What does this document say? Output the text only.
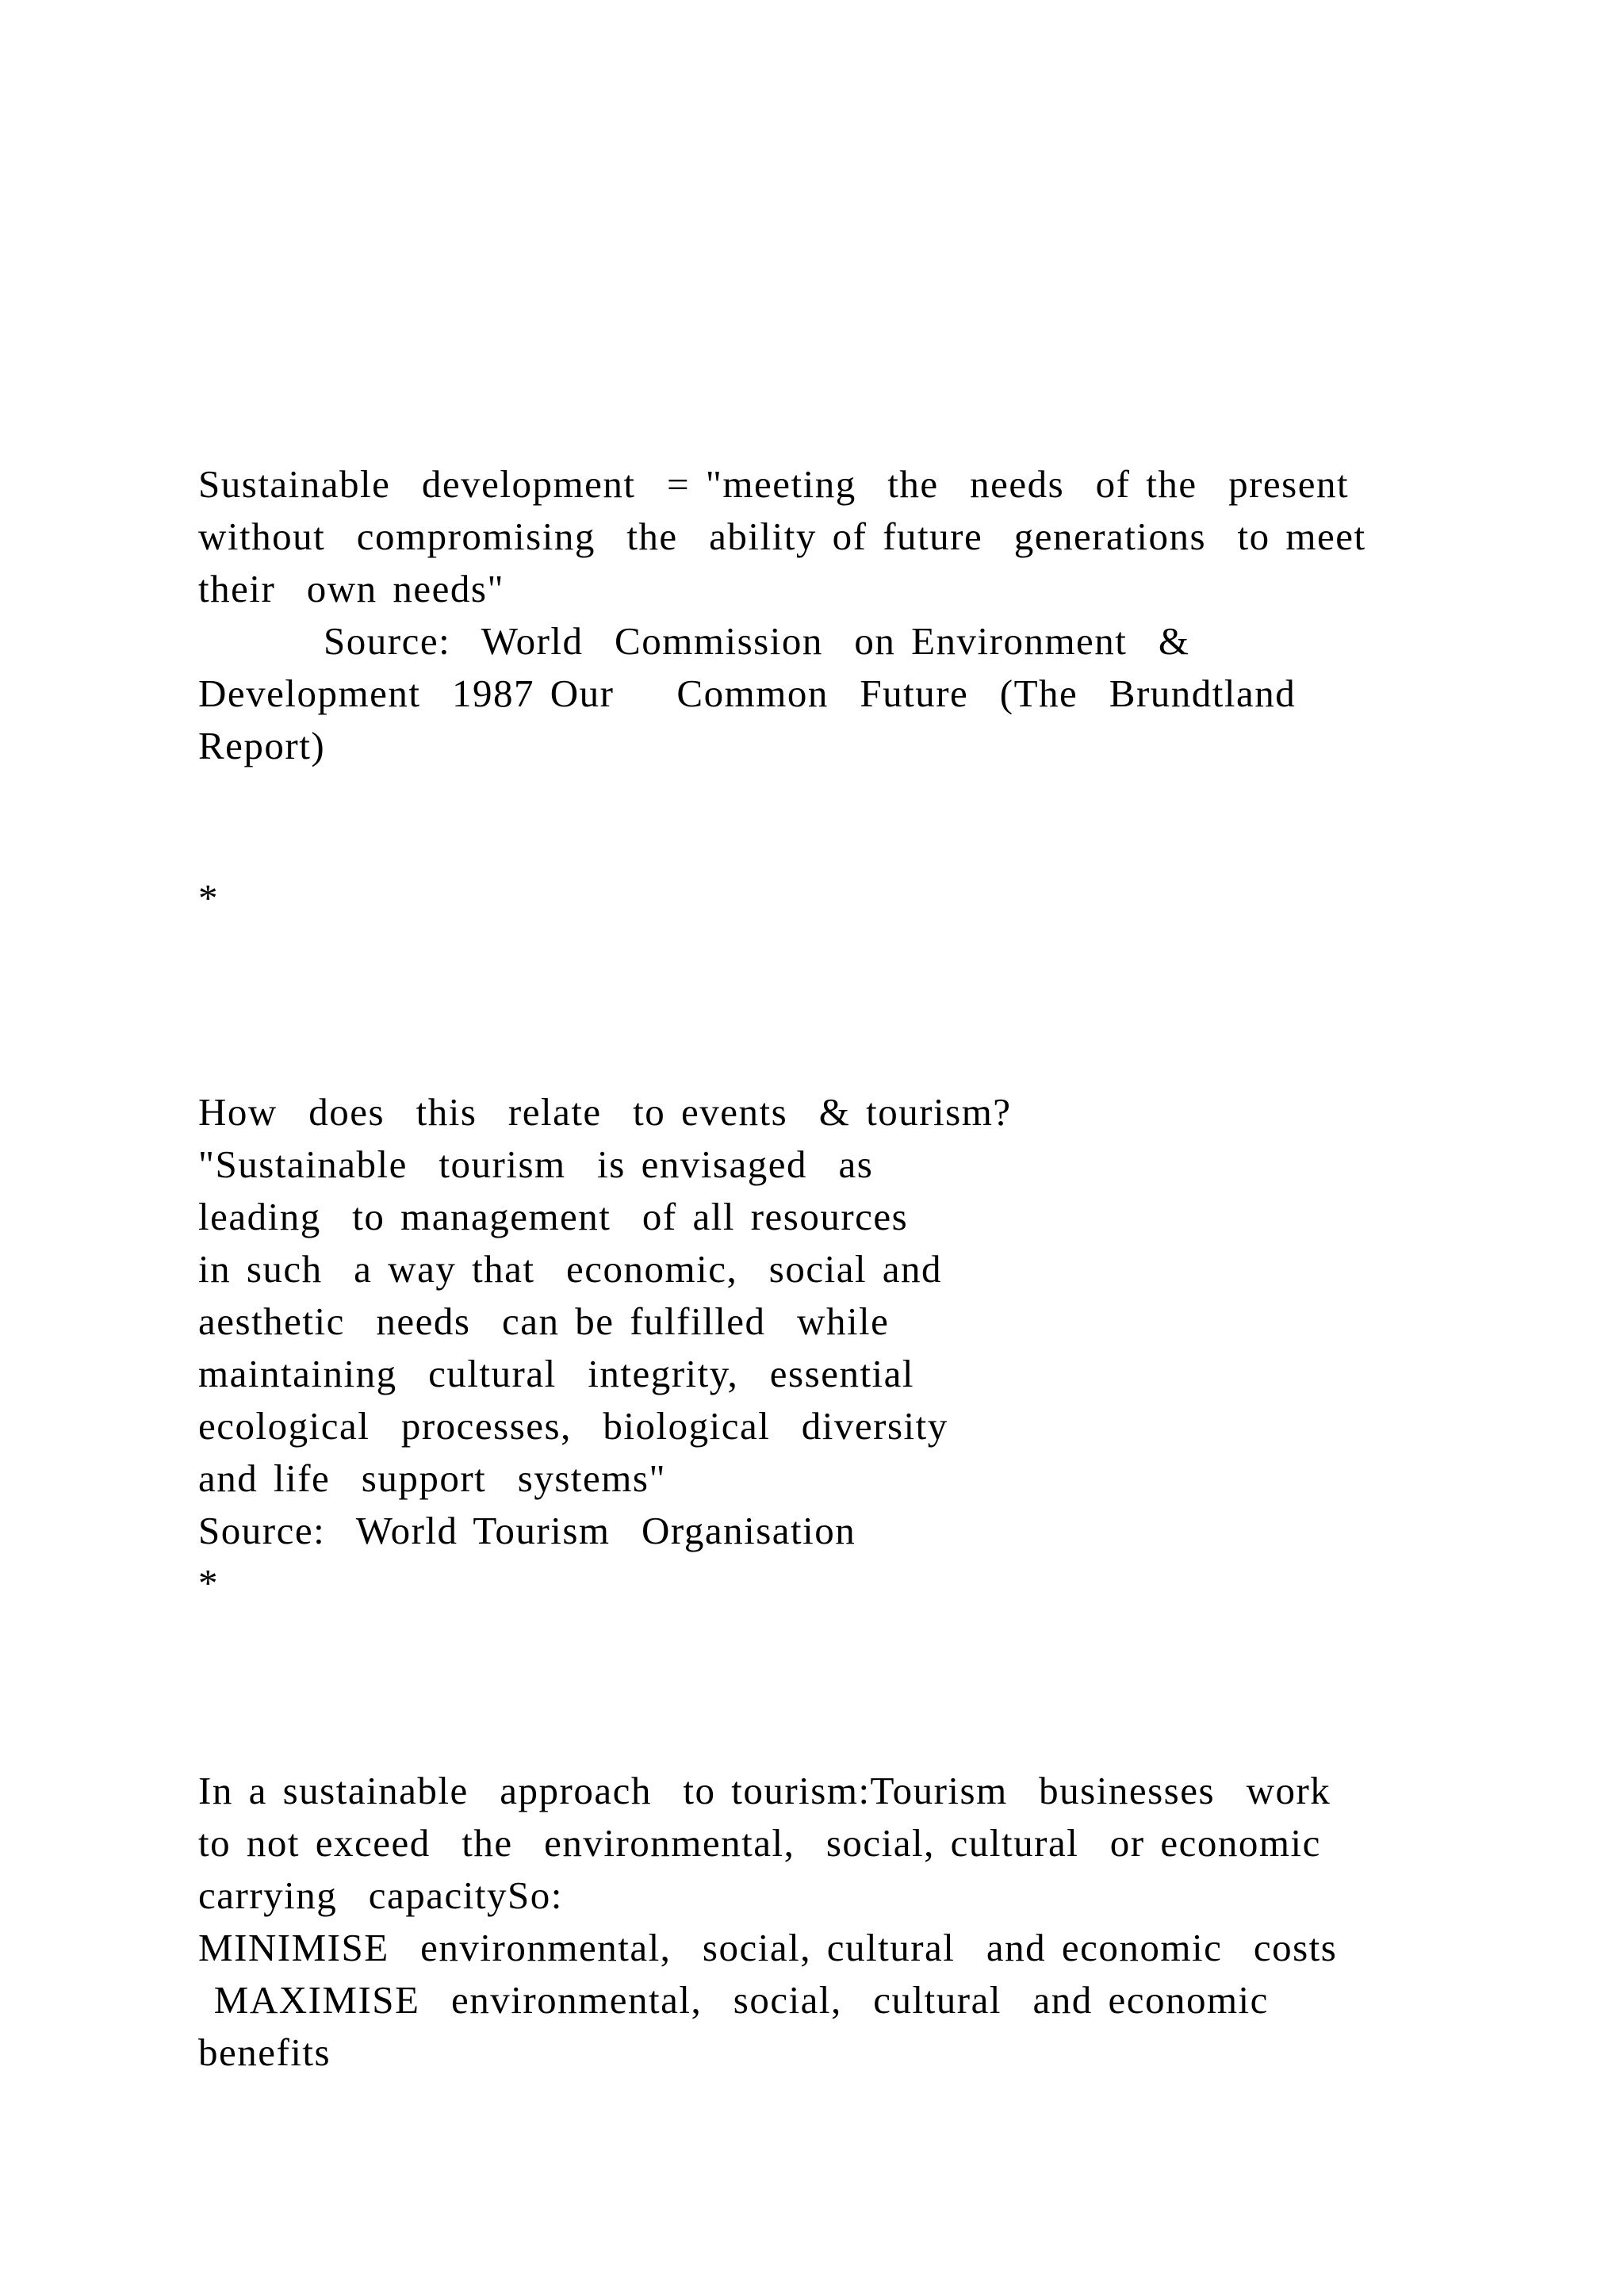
Sustainable  development  = "meeting  the  needs  of the  present
without  compromising  the  ability of future  generations  to meet
their  own needs"
Source:  World  Commission  on Environment  &
Development  1987 Our    Common  Future  (The  Brundtland
Report)
*
How  does  this  relate  to events  & tourism?
"Sustainable  tourism  is envisaged  as
leading  to management  of all resources
in such  a way that  economic,  social and
aesthetic  needs  can be fulfilled  while
maintaining  cultural  integrity,  essential
ecological  processes,  biological  diversity
and life  support  systems"
Source:  World Tourism  Organisation
*
In a sustainable  approach  to tourism:Tourism  businesses  work
to not exceed  the  environmental,  social, cultural  or economic
carrying  capacitySo:
MINIMISE  environmental,  social, cultural  and economic  costs
MAXIMISE  environmental,  social,  cultural  and economic
benefits
